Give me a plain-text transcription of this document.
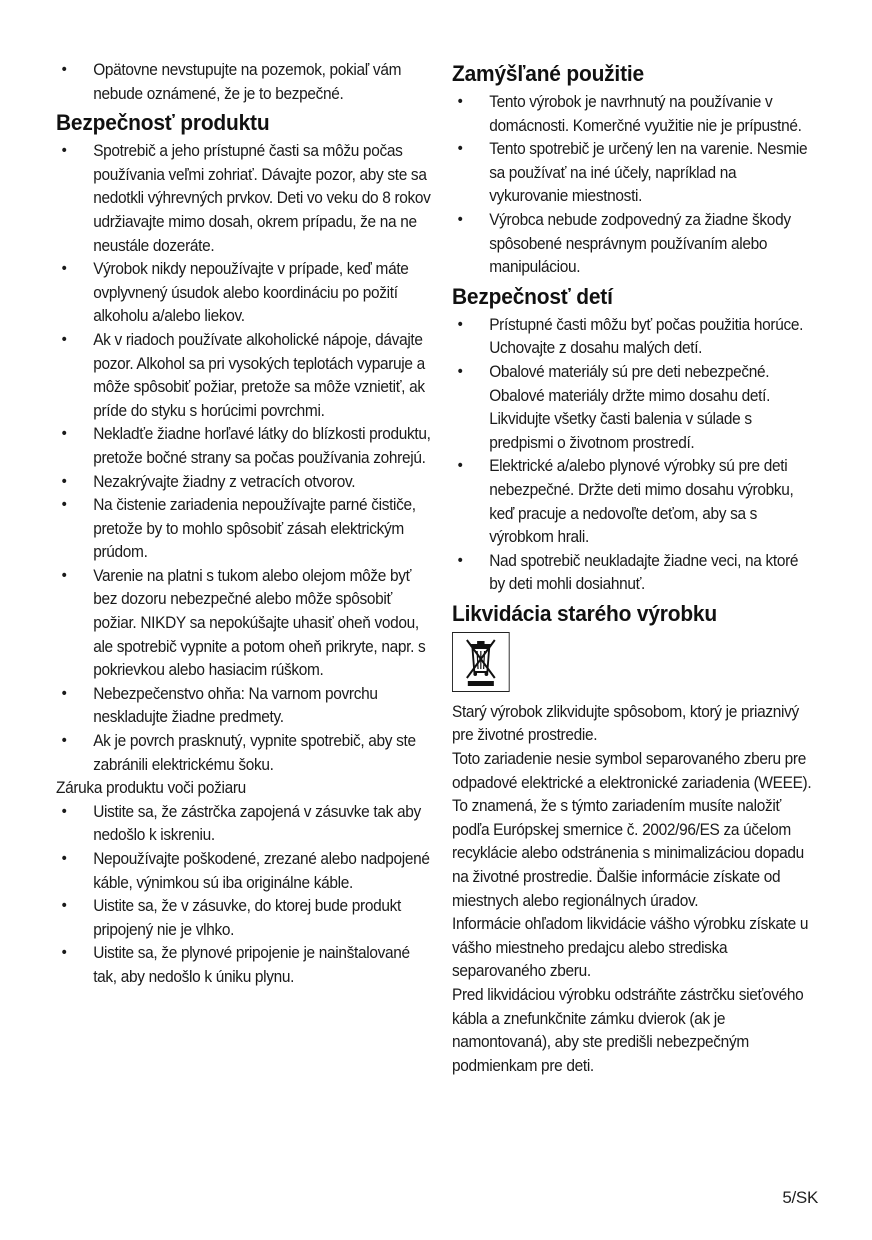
• Opätovne nevstupujte na pozemok, pokiaľ vám nebude oznámené, že je to bezpečné.
Bezpečnosť produktu
• Spotrebič a jeho prístupné časti sa môžu počas používania veľmi zohriať. Dávajte pozor, aby ste sa nedotkli výhrevných prvkov. Deti vo veku do 8 rokov udržiavajte mimo dosah, okrem prípadu, že na ne neustále dozeráte.
• Výrobok nikdy nepoužívajte v prípade, keď máte ovplyvnený úsudok alebo koordináciu po požití alkoholu a/alebo liekov.
• Ak v riadoch používate alkoholické nápoje, dávajte pozor. Alkohol sa pri vysokých teplotách vyparuje a môže spôsobiť požiar, pretože sa môže vznietiť, ak príde do styku s horúcimi povrchmi.
• Nekladťe žiadne horľavé látky do blízkosti produktu, pretože bočné strany sa počas používania zohrejú.
• Nezakrývajte žiadny z vetracích otvorov.
• Na čistenie zariadenia nepoužívajte parné čističe, pretože by to mohlo spôsobiť zásah elektrickým prúdom.
• Varenie na platni s tukom alebo olejom môže byť bez dozoru nebezpečné alebo môže spôsobiť požiar. NIKDY sa nepokúšajte uhasiť oheň vodou, ale spotrebič vypnite a potom oheň prikryte, napr. s pokrievkou alebo hasiacim rúškom.
• Nebezpečenstvo ohňa: Na varnom povrchu neskladujte žiadne predmety.
• Ak je povrch prasknutý, vypnite spotrebič, aby ste zabránili elektrickému šoku.

Záruka produktu voči požiaru

• Uistite sa, že zástrčka zapojená v zásuvke tak aby nedošlo k iskreniu.
• Nepoužívajte poškodené, zrezané alebo nadpojené káble, výnimkou sú iba originálne káble.
• Uistite sa, že v zásuvke, do ktorej bude produkt pripojený nie je vlhko.
• Uistite sa, že plynové pripojenie je nainštalované tak, aby nedošlo k úniku plynu.
Zamýšľané použitie
• Tento výrobok je navrhnutý na používanie v domácnosti. Komerčné využitie nie je prípustné.
• Tento spotrebič je určený len na varenie. Nesmie sa používať na iné účely, napríklad na vykurovanie miestnosti.
• Výrobca nebude zodpovedný za žiadne škody spôsobené nesprávnym používaním alebo manipuláciou.
Bezpečnosť detí
• Prístupné časti môžu byť počas použitia horúce. Uchovajte z dosahu malých detí.
• Obalové materiály sú pre deti nebezpečné. Obalové materiály držte mimo dosahu detí. Likvidujte všetky časti balenia v súlade s predpismi o životnom prostredí.
• Elektrické a/alebo plynové výrobky sú pre deti nebezpečné. Držte deti mimo dosahu výrobku, keď pracuje a nedovoľte deťom, aby sa s výrobkom hrali.
• Nad spotrebič neukladajte žiadne veci, na ktoré by deti mohli dosiahnuť.
Likvidácia starého výrobku

Starý výrobok zlikvidujte spôsobom, ktorý je priaznivý pre životné prostredie.

Toto zariadenie nesie symbol separovaného zberu pre odpadové elektrické a elektronické zariadenia (WEEE). To znamená, že s týmto zariadením musíte naložiť podľa Európskej smernice č. 2002/96/ES za účelom recyklácie alebo odstránenia s minimalizáciou dopadu na životné prostredie. Ďalšie informácie získate od miestnych alebo regionálnych úradov.

Informácie ohľadom likvidácie vášho výrobku získate u vášho miestneho predajcu alebo strediska separovaného zberu.

Pred likvidáciou výrobku odstráňte zástrčku sieťového kábla a znefunkčnite zámku dvierok (ak je namontovaná), aby ste predišli nebezpečným podmienkam pre deti.

5/SK
